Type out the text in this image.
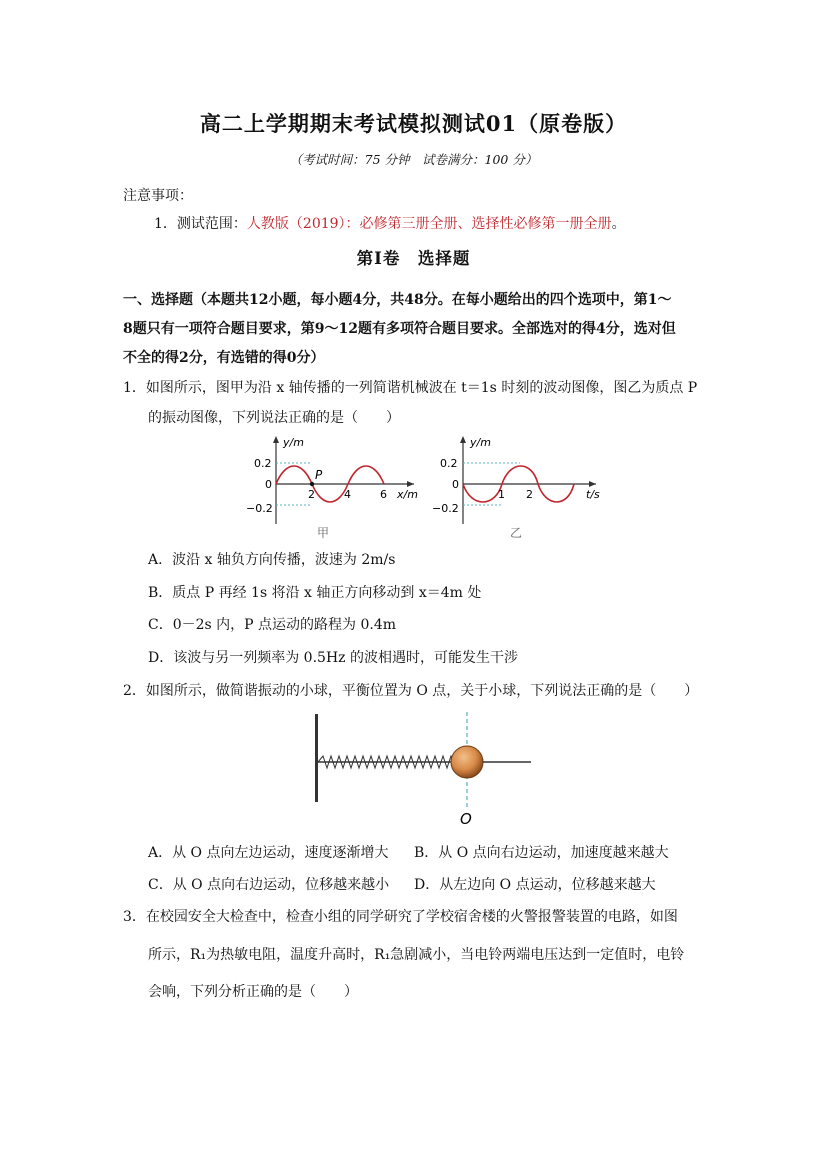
高二上学期期末考试模拟测试01（原卷版）
（考试时间：75 分钟　试卷满分：100 分）
注意事项：
1．测试范围：人教版（2019）：必修第三册全册、选择性必修第一册全册。
第Ⅰ卷　选择题
一、选择题（本题共12小题，每小题4分，共48分。在每小题给出的四个选项中，第1～
8题只有一项符合题目要求，第9～12题有多项符合题目要求。全部选对的得4分，选对但
不全的得2分，有选错的得0分）
1．如图所示，图甲为沿 x 轴传播的一列简谐机械波在 t＝1s 时刻的波动图像，图乙为质点 P
的振动图像，下列说法正确的是（　　）
y/m
0.2
0
−0.2
2	4	6 x/m
P
甲
y/m
0.2
0
−0.2
1 2	t/s
乙
A．波沿 x 轴负方向传播，波速为 2m/s
B．质点 P 再经 1s 将沿 x 轴正方向移动到 x＝4m 处
C．0－2s 内，P 点运动的路程为 0.4m
D．该波与另一列频率为 0.5Hz 的波相遇时，可能发生干涉
2．如图所示，做简谐振动的小球，平衡位置为 O 点，关于小球，下列说法正确的是（　　）
O
A．从 O 点向左边运动，速度逐渐增大 B．从 O 点向右边运动，加速度越来越大
C．从 O 点向右边运动，位移越来越小 D．从左边向 O 点运动，位移越来越大
3．在校园安全大检查中，检查小组的同学研究了学校宿舍楼的火警报警装置的电路，如图
所示，R₁为热敏电阻，温度升高时，R₁急剧减小，当电铃两端电压达到一定值时，电铃
会响，下列分析正确的是（　　）
